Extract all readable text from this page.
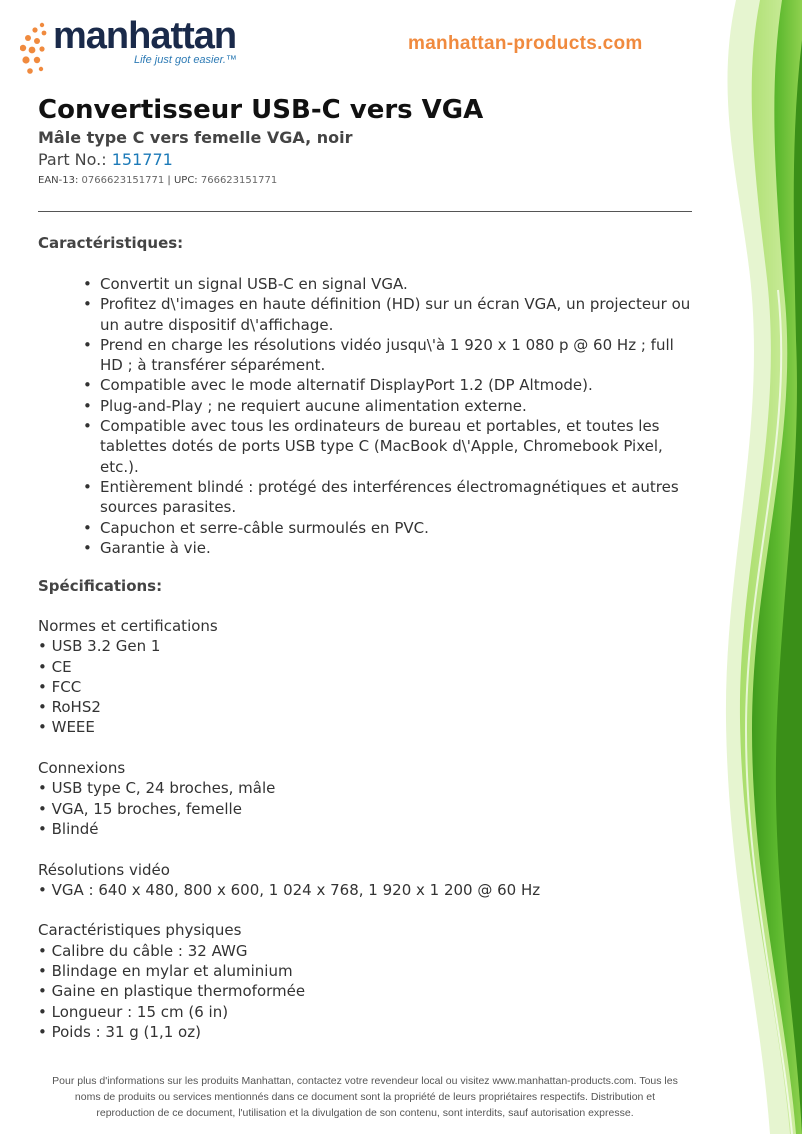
manhattan
Life just got easier.™
manhattan-products.com
Convertisseur USB-C vers VGA
Mâle type C vers femelle VGA, noir
Part No.: 151771
EAN-13: 0766623151771 | UPC: 766623151771
Caractéristiques:
• Convertit un signal USB-C en signal VGA.
• Profitez d\'images en haute définition (HD) sur un écran VGA, un projecteur ou un autre dispositif d\'affichage.
• Prend en charge les résolutions vidéo jusqu\'à 1 920 x 1 080 p @ 60 Hz ; full HD ; à transférer séparément.
• Compatible avec le mode alternatif DisplayPort 1.2 (DP Altmode).
• Plug-and-Play ; ne requiert aucune alimentation externe.
• Compatible avec tous les ordinateurs de bureau et portables, et toutes les tablettes dotés de ports USB type C (MacBook d\'Apple, Chromebook Pixel, etc.).
• Entièrement blindé : protégé des interférences électromagnétiques et autres sources parasites.
• Capuchon et serre-câble surmoulés en PVC.
• Garantie à vie.
Spécifications:
Normes et certifications
• USB 3.2 Gen 1
• CE
• FCC
• RoHS2
• WEEE
Connexions
• USB type C, 24 broches, mâle
• VGA, 15 broches, femelle
• Blindé
Résolutions vidéo
• VGA : 640 x 480, 800 x 600, 1 024 x 768, 1 920 x 1 200 @ 60 Hz
Caractéristiques physiques
• Calibre du câble : 32 AWG
• Blindage en mylar et aluminium
• Gaine en plastique thermoformée
• Longueur : 15 cm (6 in)
• Poids : 31 g (1,1 oz)
Pour plus d'informations sur les produits Manhattan, contactez votre revendeur local ou visitez www.manhattan-products.com. Tous les
noms de produits ou services mentionnés dans ce document sont la propriété de leurs propriétaires respectifs. Distribution et
reproduction de ce document, l'utilisation et la divulgation de son contenu, sont interdits, sauf autorisation expresse.
